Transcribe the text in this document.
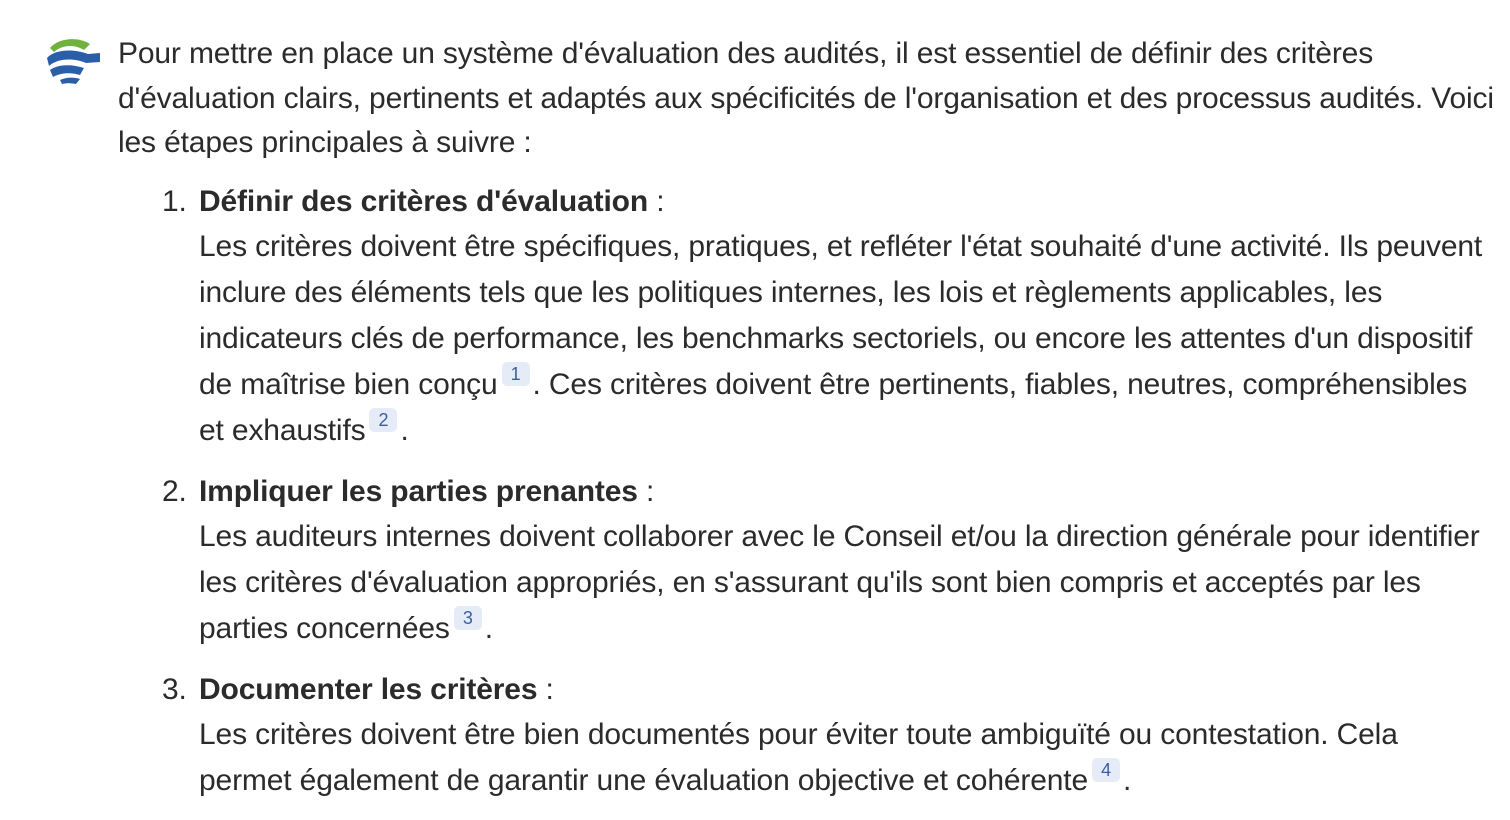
Pour mettre en place un système d'évaluation des audités, il est essentiel de définir des critères d'évaluation clairs, pertinents et adaptés aux spécificités de l'organisation et des processus audités. Voici les étapes principales à suivre :

1. Définir des critères d'évaluation :
Les critères doivent être spécifiques, pratiques, et refléter l'état souhaité d'une activité. Ils peuvent inclure des éléments tels que les politiques internes, les lois et règlements applicables, les indicateurs clés de performance, les benchmarks sectoriels, ou encore les attentes d'un dispositif de maîtrise bien conçu 1 . Ces critères doivent être pertinents, fiables, neutres, compréhensibles et exhaustifs 2 .
2. Impliquer les parties prenantes :
Les auditeurs internes doivent collaborer avec le Conseil et/ou la direction générale pour identifier les critères d'évaluation appropriés, en s'assurant qu'ils sont bien compris et acceptés par les parties concernées 3 .
3. Documenter les critères :
Les critères doivent être bien documentés pour éviter toute ambiguïté ou contestation. Cela permet également de garantir une évaluation objective et cohérente 4 .
